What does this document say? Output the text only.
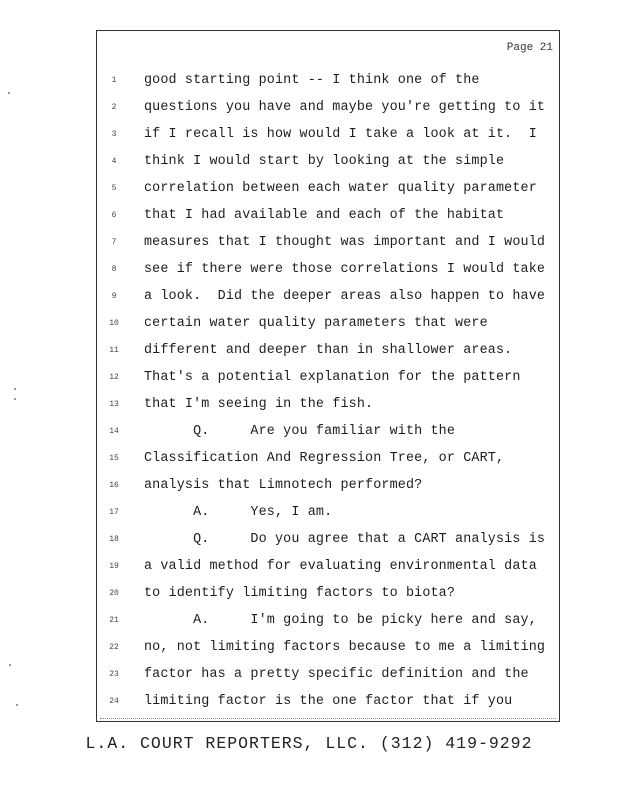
Page 21
1	good starting point -- I think one of the
2	questions you have and maybe you're getting to it
3	if I recall is how would I take a look at it.  I
4	think I would start by looking at the simple
5	correlation between each water quality parameter
6	that I had available and each of the habitat
7	measures that I thought was important and I would
8	see if there were those correlations I would take
9	a look.  Did the deeper areas also happen to have
10	certain water quality parameters that were
11	different and deeper than in shallower areas.
12	That's a potential explanation for the pattern
13	that I'm seeing in the fish.
14	Q.     Are you familiar with the
15	Classification And Regression Tree, or CART,
16	analysis that Limnotech performed?
17	A.     Yes, I am.
18	Q.     Do you agree that a CART analysis is
19	a valid method for evaluating environmental data
20	to identify limiting factors to biota?
21	A.     I'm going to be picky here and say,
22	no, not limiting factors because to me a limiting
23	factor has a pretty specific definition and the
24	limiting factor is the one factor that if you
L.A. COURT REPORTERS, LLC. (312) 419-9292
